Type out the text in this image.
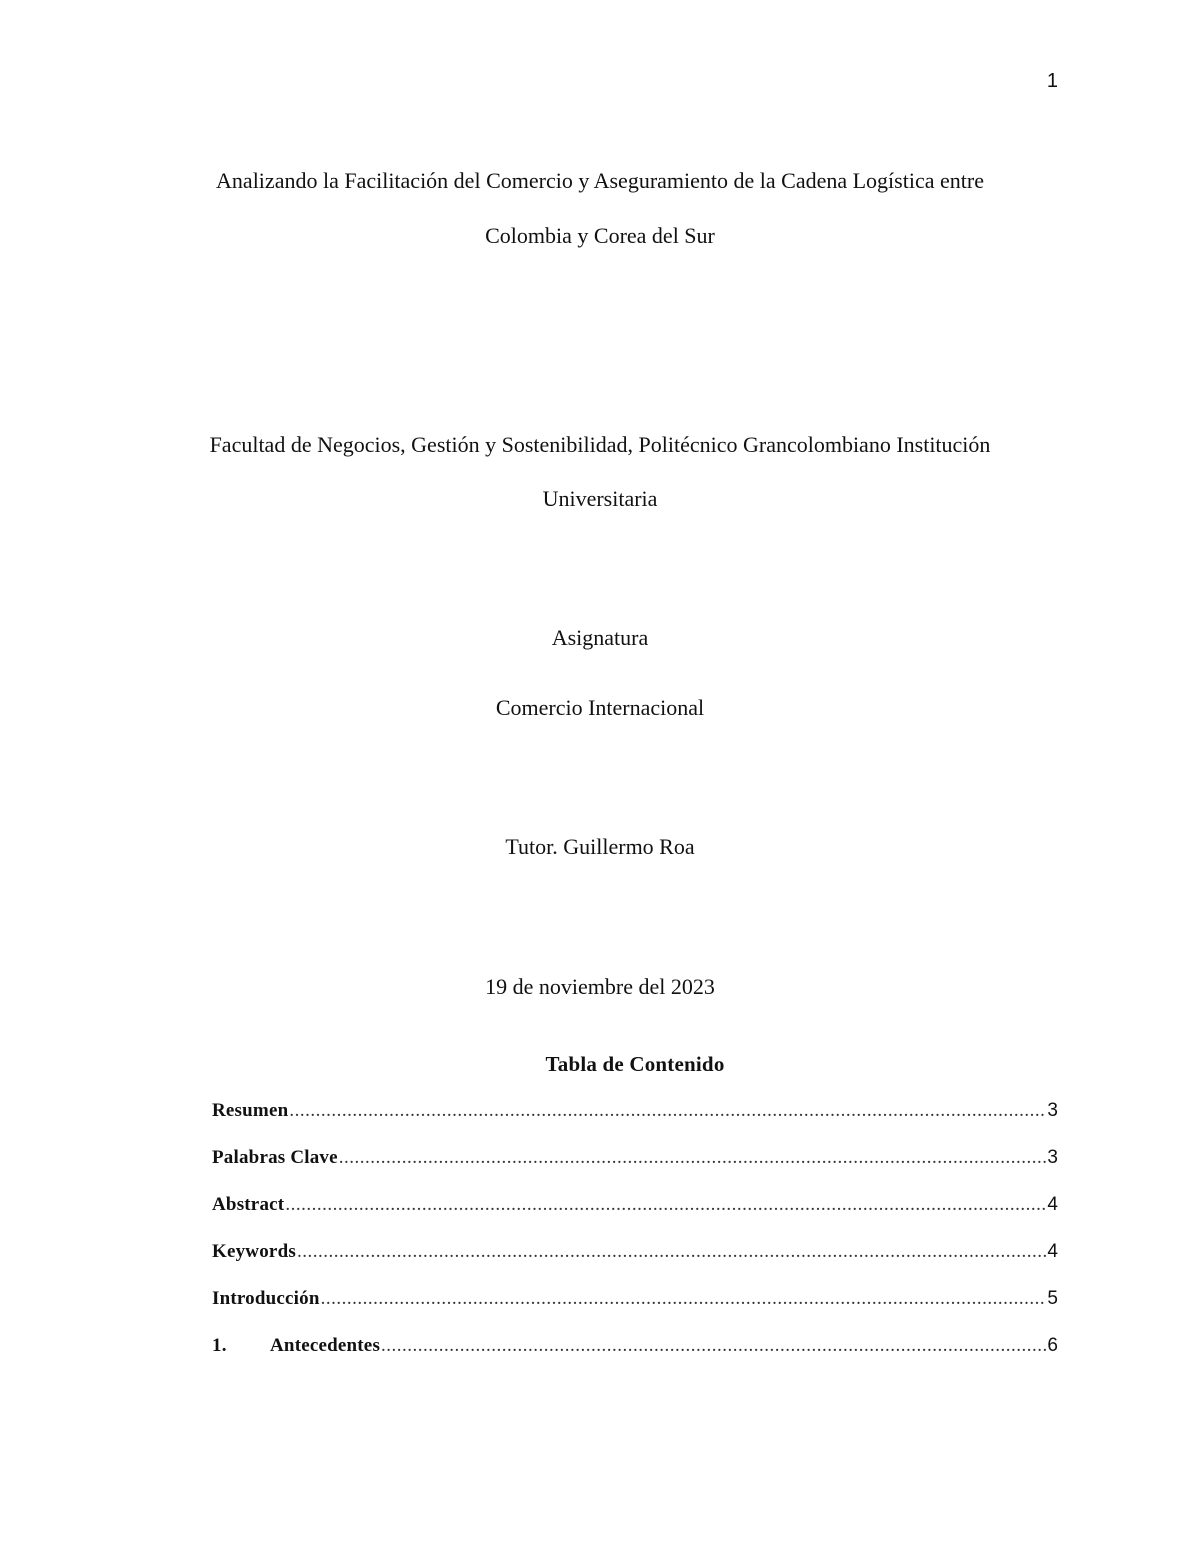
1
Analizando la Facilitación del Comercio y Aseguramiento de la Cadena Logística entre
Colombia y Corea del Sur
Facultad de Negocios, Gestión y Sostenibilidad, Politécnico Grancolombiano Institución
Universitaria
Asignatura
Comercio Internacional
Tutor. Guillermo Roa
19 de noviembre del 2023
Tabla de Contenido
Resumen .....	3
Palabras Clave .....	3
Abstract .....	4
Keywords .....	4
Introducción .....	5
1. Antecedentes .....	6
